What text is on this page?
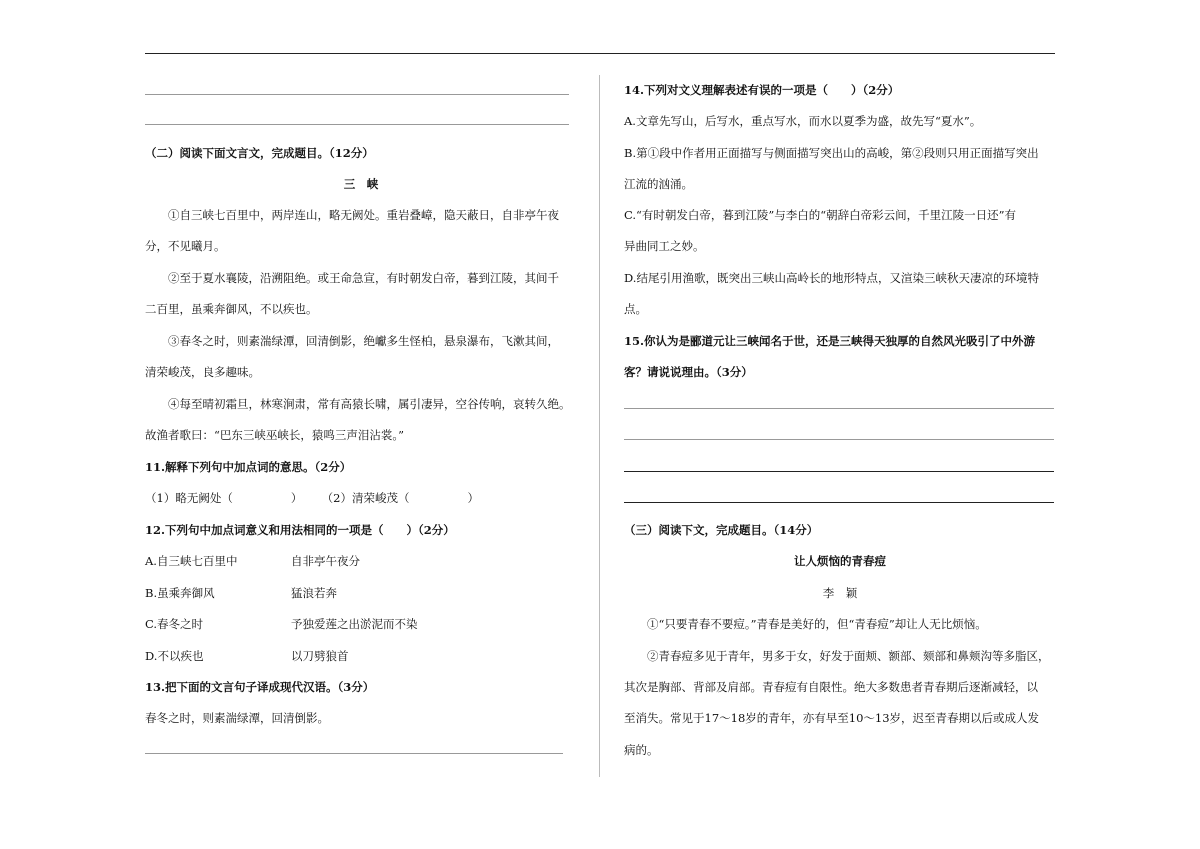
（二）阅读下面文言文，完成题目。（12分）
三　峡
①自三峡七百里中，两岸连山，略无阙处。重岩叠嶂，隐天蔽日，自非亭午夜
分，不见曦月。
②至于夏水襄陵，沿溯阻绝。或王命急宣，有时朝发白帝，暮到江陵，其间千
二百里，虽乘奔御风，不以疾也。
③春冬之时，则素湍绿潭，回清倒影，绝巘多生怪柏，悬泉瀑布，飞漱其间，
清荣峻茂，良多趣味。
④每至晴初霜旦，林寒涧肃，常有高猿长啸，属引凄异，空谷传响，哀转久绝。
故渔者歌曰：“巴东三峡巫峡长，猿鸣三声泪沾裳。”
11.解释下列句中加点词的意思。（2分）
（1）略无阙处（	） （2）清荣峻茂（	）
12.下列句中加点词意义和用法相同的一项是（　　）（2分）
A.自三峡七百里中	自非亭午夜分
B.虽乘奔御风	猛浪若奔
C.春冬之时	予独爱莲之出淤泥而不染
D.不以疾也	以刀劈狼首
13.把下面的文言句子译成现代汉语。（3分）
春冬之时，则素湍绿潭，回清倒影。
14.下列对文义理解表述有误的一项是（　　）（2分）
A.文章先写山，后写水，重点写水，而水以夏季为盛，故先写“夏水”。
B.第①段中作者用正面描写与侧面描写突出山的高峻，第②段则只用正面描写突出
江流的汹涌。
C.“有时朝发白帝，暮到江陵”与李白的“朝辞白帝彩云间，千里江陵一日还”有
异曲同工之妙。
D.结尾引用渔歌，既突出三峡山高岭长的地形特点，又渲染三峡秋天凄凉的环境特
点。
15.你认为是郦道元让三峡闻名于世，还是三峡得天独厚的自然风光吸引了中外游
客？请说说理由。（3分）
（三）阅读下文，完成题目。（14分）
让人烦恼的青春痘
李　颖
①“只要青春不要痘。”青春是美好的，但“青春痘”却让人无比烦恼。
②青春痘多见于青年，男多于女，好发于面颊、额部、颏部和鼻颊沟等多脂区，
其次是胸部、背部及肩部。青春痘有自限性。绝大多数患者青春期后逐渐减轻，以
至消失。常见于17～18岁的青年，亦有早至10～13岁，迟至青春期以后或成人发
病的。
